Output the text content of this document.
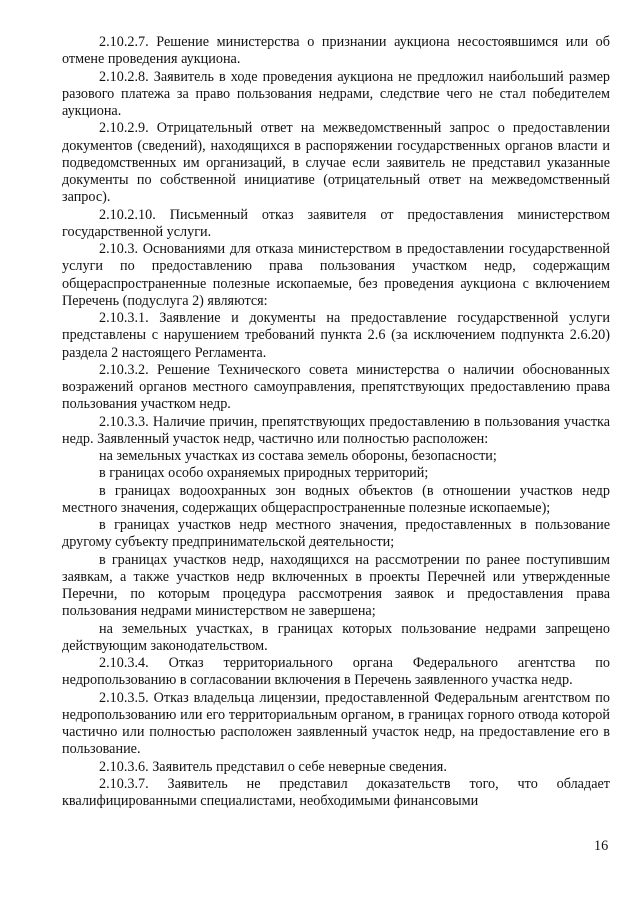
2.10.2.7. Решение министерства о признании аукциона несостоявшимся или об отмене проведения аукциона.

2.10.2.8. Заявитель в ходе проведения аукциона не предложил наибольший размер разового платежа за право пользования недрами, следствие чего не стал победителем аукциона.

2.10.2.9. Отрицательный ответ на межведомственный запрос о предоставлении документов (сведений), находящихся в распоряжении государственных органов власти и подведомственных им организаций, в случае если заявитель не представил указанные документы по собственной инициативе (отрицательный ответ на межведомственный запрос).

2.10.2.10. Письменный отказ заявителя от предоставления министерством государственной услуги.

2.10.3. Основаниями для отказа министерством в предоставлении государственной услуги по предоставлению права пользования участком недр, содержащим общераспространенные полезные ископаемые, без проведения аукциона с включением Перечень (подуслуга 2) являются:

2.10.3.1. Заявление и документы на предоставление государственной услуги представлены с нарушением требований пункта 2.6 (за исключением подпункта 2.6.20) раздела 2 настоящего Регламента.

2.10.3.2. Решение Технического совета министерства о наличии обоснованных возражений органов местного самоуправления, препятствующих предоставлению права пользования участком недр.

2.10.3.3. Наличие причин, препятствующих предоставлению в пользования участка недр. Заявленный участок недр, частично или полностью расположен:

на земельных участках из состава земель обороны, безопасности;

в границах особо охраняемых природных территорий;

в границах водоохранных зон водных объектов (в отношении участков недр местного значения, содержащих общераспространенные полезные ископаемые);

в границах участков недр местного значения, предоставленных в пользование другому субъекту предпринимательской деятельности;

в границах участков недр, находящихся на рассмотрении по ранее поступившим заявкам, а также участков недр включенных в проекты Перечней или утвержденные Перечни, по которым процедура рассмотрения заявок и предоставления права пользования недрами министерством не завершена;

на земельных участках, в границах которых пользование недрами запрещено действующим законодательством.

2.10.3.4. Отказ территориального органа Федерального агентства по недропользованию в согласовании включения в Перечень заявленного участка недр.

2.10.3.5. Отказ владельца лицензии, предоставленной Федеральным агентством по недропользованию или его территориальным органом, в границах горного отвода которой частично или полностью расположен заявленный участок недр, на предоставление его в пользование.

2.10.3.6. Заявитель представил о себе неверные сведения.

2.10.3.7. Заявитель не представил доказательств того, что обладает квалифицированными специалистами, необходимыми финансовыми

16
